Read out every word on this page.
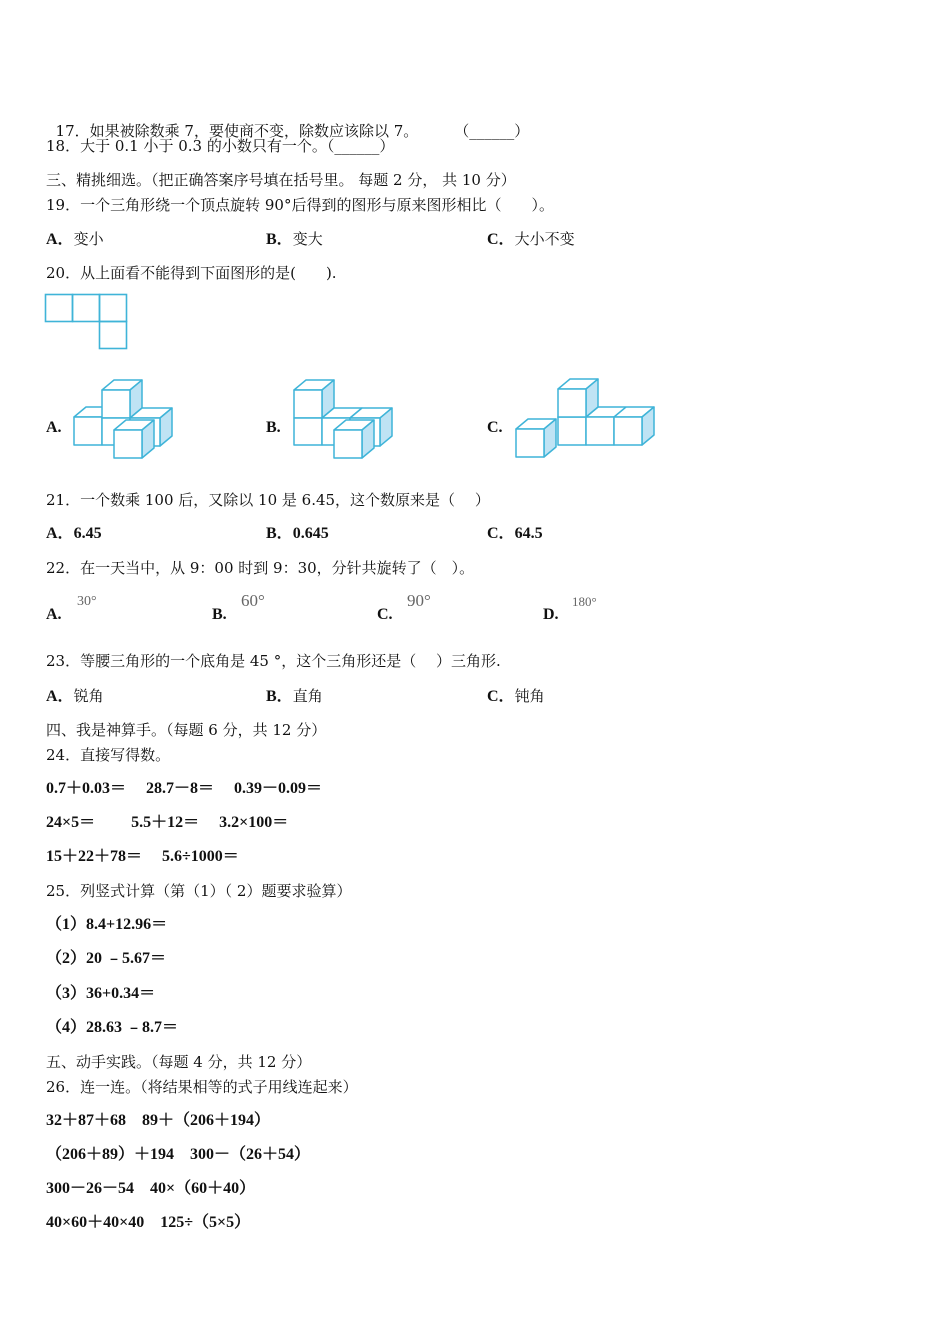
17．如果被除数乘 7，要使商不变，除数应该除以 7。 （______）

18．大于 0.1 小于 0.3 的小数只有一个。（______）
三、精挑细选。（把正确答案序号填在括号里。 每题 2 分， 共 10 分）
19．一个三角形绕一个顶点旋转 90°后得到的图形与原来图形相比（　　）。
A．变小	B．变大	C．大小不变
20．从上面看不能得到下面图形的是(　　).
A.	B.	C.
21．一个数乘 100 后，又除以 10 是 6.45，这个数原来是（　 ）
A．6.45	B．0.645	C．64.5
22．在一天当中，从 9：00 时到 9：30，分针共旋转了（　）。
A.
30°
B.
60°
C.
90°
D.
180°
23．等腰三角形的一个底角是 45 °，这个三角形还是（　 ）三角形.
A．锐角	B．直角	C．钝角
四、我是神算手。（每题 6 分，共 12 分）
24．直接写得数。
0.7＋0.03＝　 28.7－8＝　 0.39－0.09＝
24×5＝　　 5.5＋12＝　 3.2×100＝
15＋22＋78＝　 5.6÷1000＝
25．列竖式计算（第（1）（ 2）题要求验算）
（1）8.4+12.96＝
（2）20 ﹣5.67＝
（3）36+0.34＝
（4）28.63 ﹣8.7＝
五、动手实践。（每题 4 分，共 12 分）
26．连一连。（将结果相等的式子用线连起来）
32＋87＋68　89＋（206＋194）
（206＋89）＋194　300－（26＋54）
300－26－54　40×（60＋40）
40×60＋40×40　125÷（5×5）
